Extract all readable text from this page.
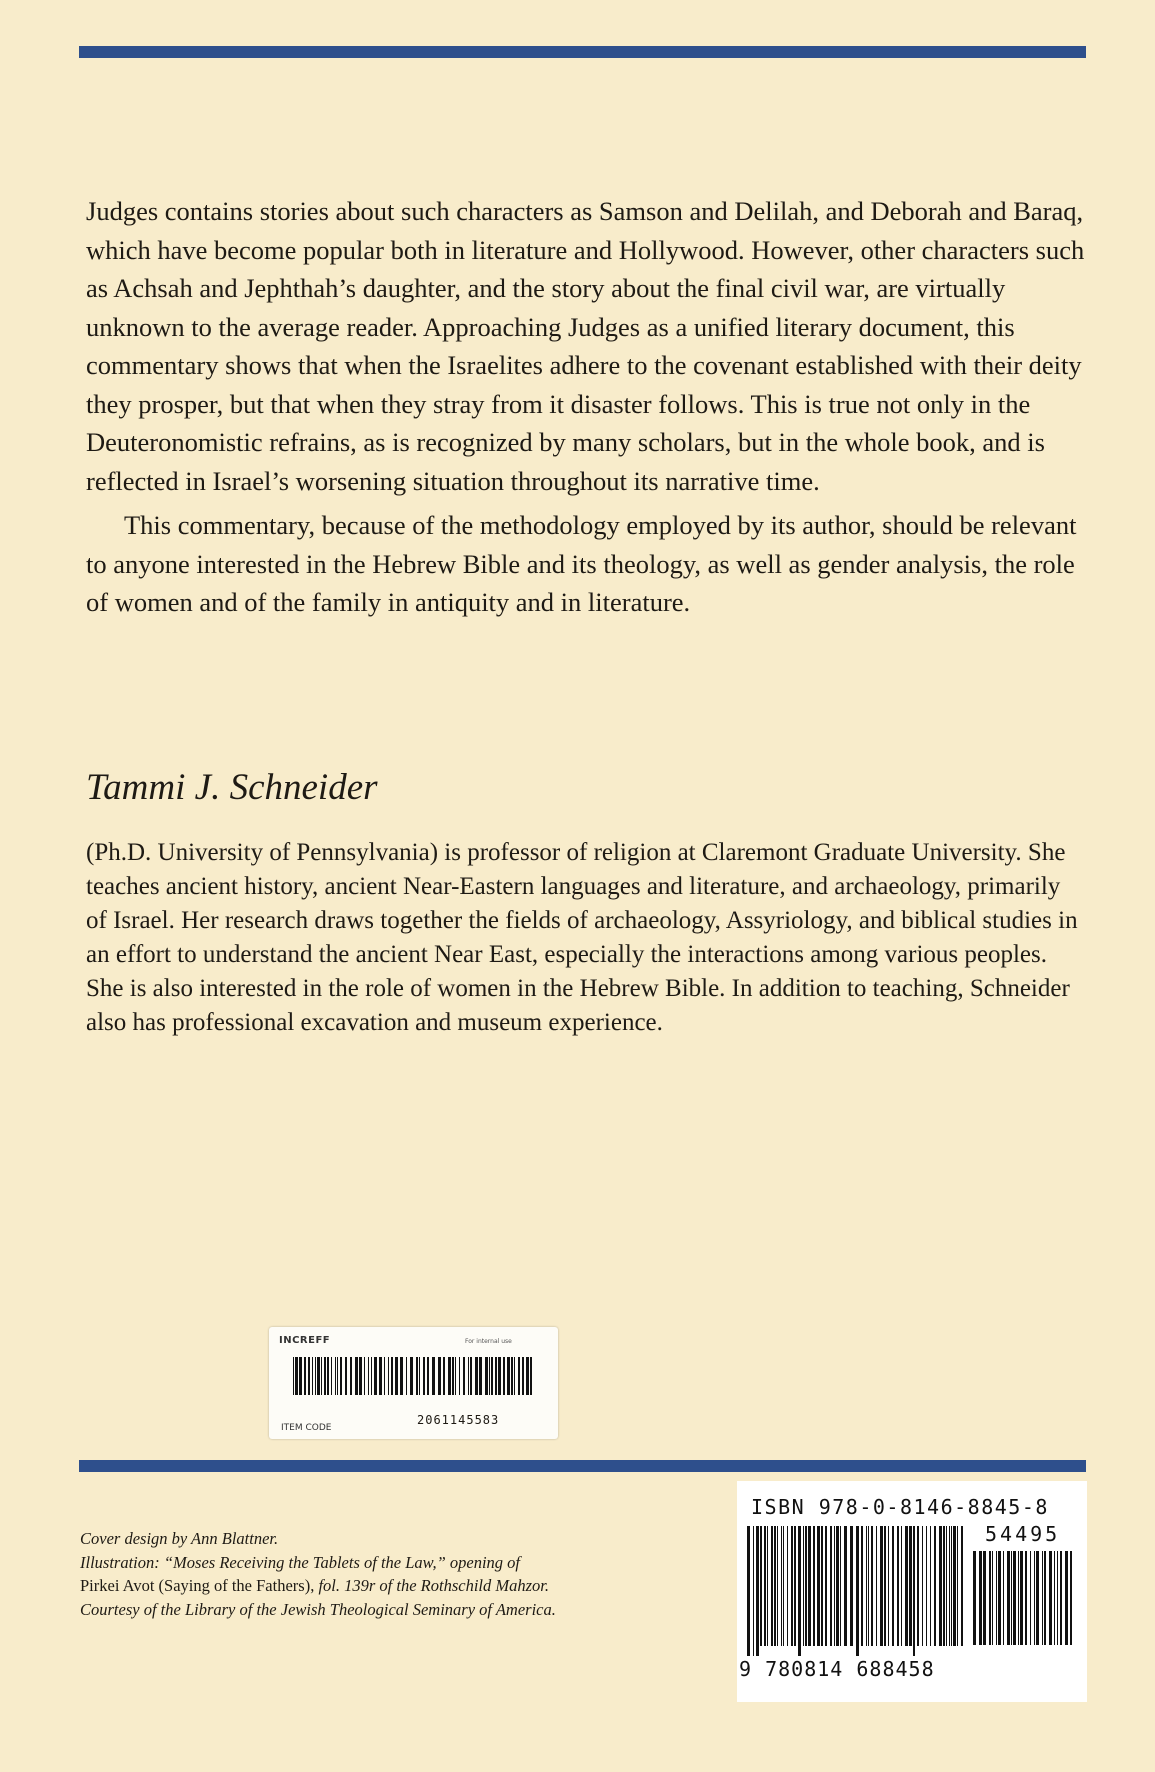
Judges contains stories about such characters as Samson and Delilah, and Deborah and Baraq, which have become popular both in literature and Hollywood. However, other characters such as Achsah and Jephthah’s daughter, and the story about the final civil war, are virtually unknown to the average reader. Approaching Judges as a unified literary document, this commentary shows that when the Israelites adhere to the covenant established with their deity they prosper, but that when they stray from it disaster follows. This is true not only in the Deuteronomistic refrains, as is recognized by many scholars, but in the whole book, and is reflected in Israel’s worsening situation throughout its narrative time.

This commentary, because of the methodology employed by its author, should be relevant to anyone interested in the Hebrew Bible and its theology, as well as gender analysis, the role of women and of the family in antiquity and in literature.

Tammi J. Schneider

(Ph.D. University of Pennsylvania) is professor of religion at Claremont Graduate University. She teaches ancient history, ancient Near-Eastern languages and literature, and archaeology, primarily of Israel. Her research draws together the fields of archaeology, Assyriology, and biblical studies in an effort to understand the ancient Near East, especially the interactions among various peoples. She is also interested in the role of women in the Hebrew Bible. In addition to teaching, Schneider also has professional excavation and museum experience.

INCREFF	For internal use
2061145583
ITEM CODE

Cover design by Ann Blattner.
Illustration: “Moses Receiving the Tablets of the Law,” opening of Pirkei Avot (Saying of the Fathers), fol. 139r of the Rothschild Mahzor. Courtesy of the Library of the Jewish Theological Seminary of America.

ISBN 978-0-8146-8845-8
54495
9 780814 688458
